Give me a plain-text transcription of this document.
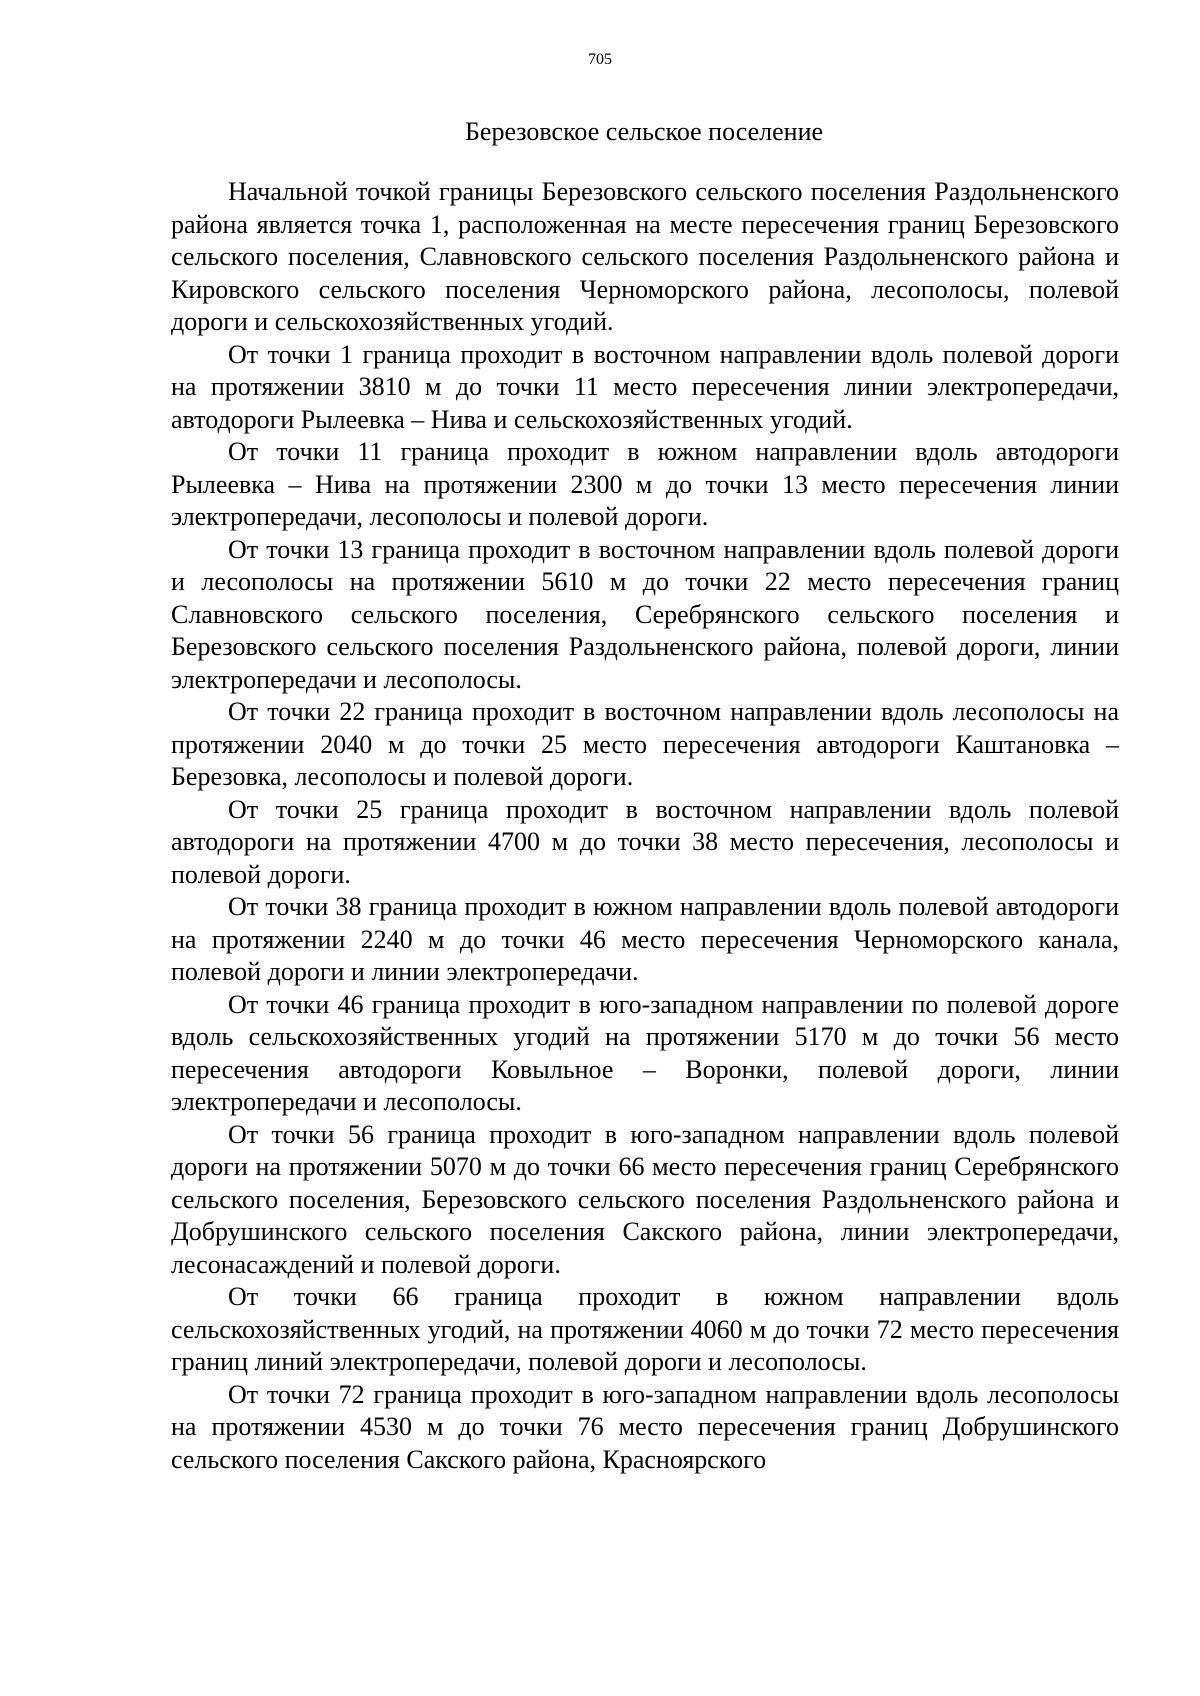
705
Березовское сельское поселение

Начальной точкой границы Березовского сельского поселения Раздольненского района является точка 1, расположенная на месте пересечения границ Березовского сельского поселения, Славновского сельского поселения Раздольненского района и Кировского сельского поселения Черноморского района, лесополосы, полевой дороги и сельскохозяйственных угодий.

От точки 1 граница проходит в восточном направлении вдоль полевой дороги на протяжении 3810 м до точки 11 место пересечения линии электропередачи, автодороги Рылеевка – Нива и сельскохозяйственных угодий.

От точки 11 граница проходит в южном направлении вдоль автодороги Рылеевка – Нива на протяжении 2300 м до точки 13 место пересечения линии электропередачи, лесополосы и полевой дороги.

От точки 13 граница проходит в восточном направлении вдоль полевой дороги и лесополосы на протяжении 5610 м до точки 22 место пересечения границ Славновского сельского поселения, Серебрянского сельского поселения и Березовского сельского поселения Раздольненского района, полевой дороги, линии электропередачи и лесополосы.

От точки 22 граница проходит в восточном направлении вдоль лесополосы на протяжении 2040 м до точки 25 место пересечения автодороги Каштановка – Березовка, лесополосы и полевой дороги.

От точки 25 граница проходит в восточном направлении вдоль полевой автодороги на протяжении 4700 м до точки 38 место пересечения, лесополосы и полевой дороги.

От точки 38 граница проходит в южном направлении вдоль полевой автодороги на протяжении 2240 м до точки 46 место пересечения Черноморского канала, полевой дороги и линии электропередачи.

От точки 46 граница проходит в юго-западном направлении по полевой дороге вдоль сельскохозяйственных угодий на протяжении 5170 м до точки 56 место пересечения автодороги Ковыльное – Воронки, полевой дороги, линии электропередачи и лесополосы.

От точки 56 граница проходит в юго-западном направлении вдоль полевой дороги на протяжении 5070 м до точки 66 место пересечения границ Серебрянского сельского поселения, Березовского сельского поселения Раздольненского района и Добрушинского сельского поселения Сакского района, линии электропередачи, лесонасаждений и полевой дороги.

От точки 66 граница проходит в южном направлении вдоль сельскохозяйственных угодий, на протяжении 4060 м до точки 72 место пересечения границ линий электропередачи, полевой дороги и лесополосы.

От точки 72 граница проходит в юго-западном направлении вдоль лесополосы на протяжении 4530 м до точки 76 место пересечения границ Добрушинского сельского поселения Сакского района, Красноярского
